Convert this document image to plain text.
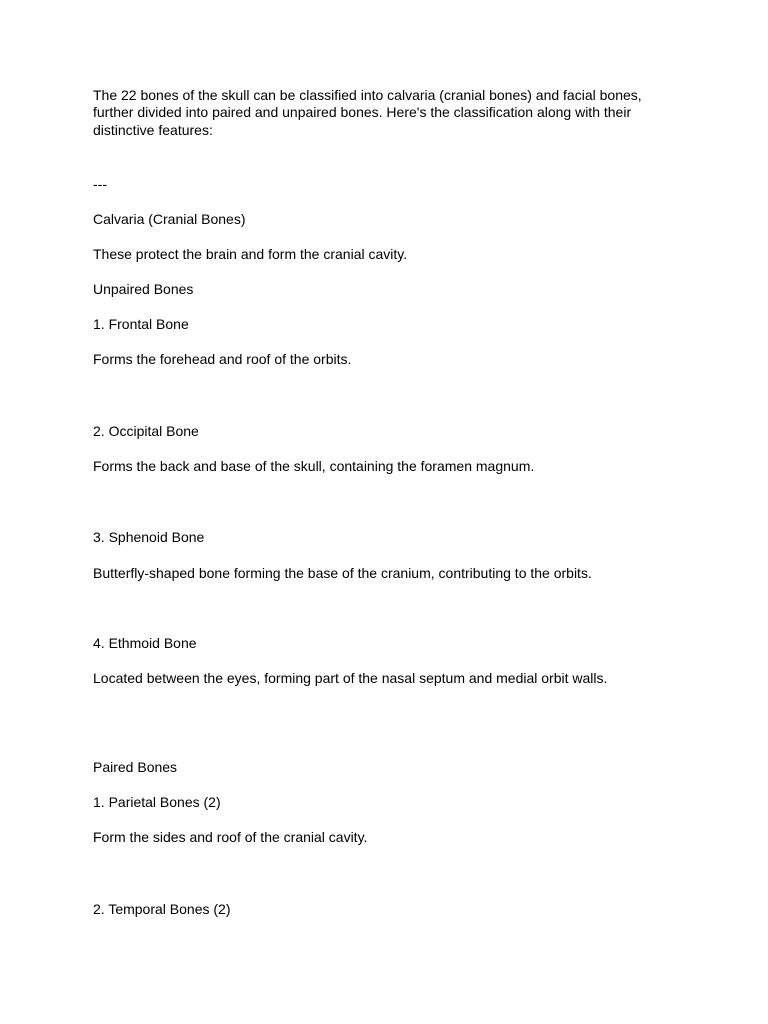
The 22 bones of the skull can be classified into calvaria (cranial bones) and facial bones,
further divided into paired and unpaired bones. Here's the classification along with their
distinctive features:
---
Calvaria (Cranial Bones)
These protect the brain and form the cranial cavity.
Unpaired Bones
1. Frontal Bone
Forms the forehead and roof of the orbits.
2. Occipital Bone
Forms the back and base of the skull, containing the foramen magnum.
3. Sphenoid Bone
Butterfly-shaped bone forming the base of the cranium, contributing to the orbits.
4. Ethmoid Bone
Located between the eyes, forming part of the nasal septum and medial orbit walls.
Paired Bones
1. Parietal Bones (2)
Form the sides and roof of the cranial cavity.
2. Temporal Bones (2)
